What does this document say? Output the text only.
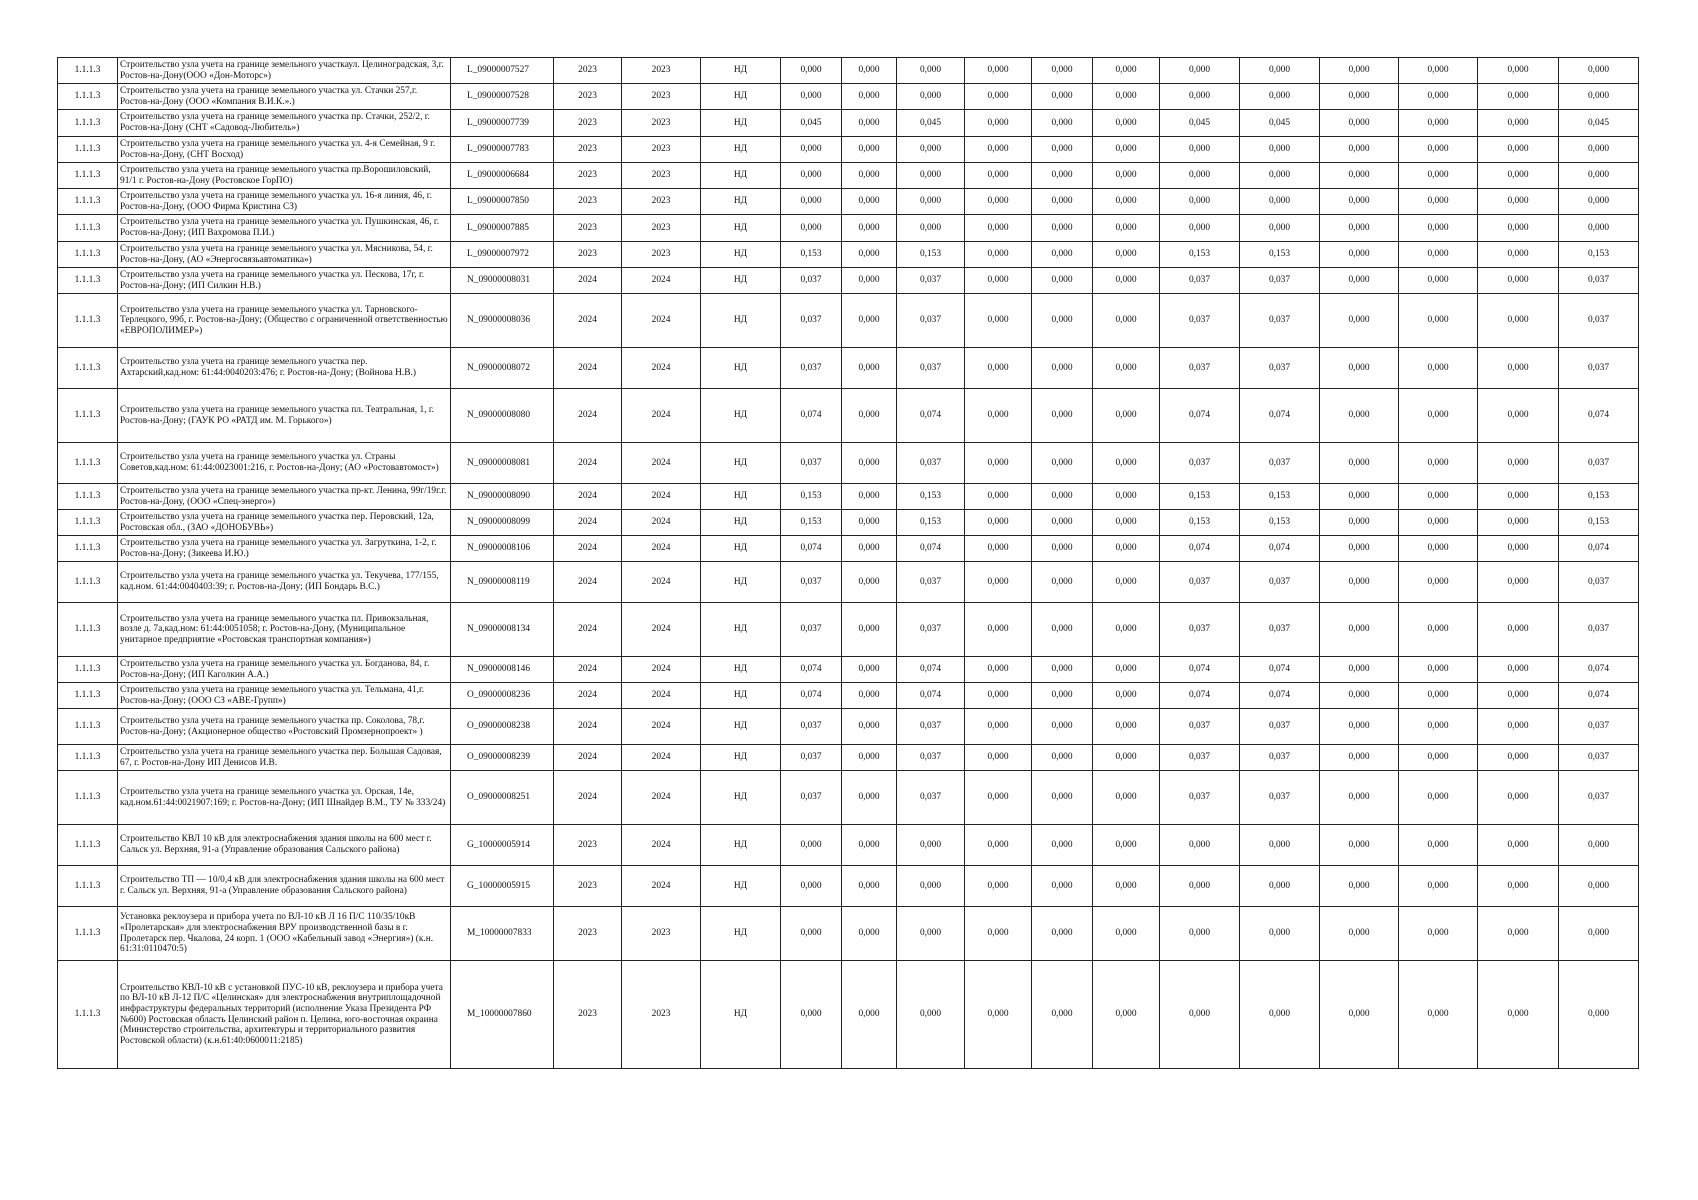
1.1.1.3	Строительство узла учета на границе земельного участкаул. Целиноградская, 3,г. Ростов-на-Дону(ООО «Дон-Моторс»)	L_09000007527	2023	2023	НД	0,000	0,000	0,000	0,000	0,000	0,000	0,000	0,000	0,000	0,000	0,000	0,000
1.1.1.3	Строительство узла учета на границе земельного участка ул. Стачки 257,г. Ростов-на-Дону (ООО «Компания В.И.К.».)	L_09000007528	2023	2023	НД	0,000	0,000	0,000	0,000	0,000	0,000	0,000	0,000	0,000	0,000	0,000	0,000
1.1.1.3	Строительство узла учета на границе земельного участка пр. Стачки, 252/2, г. Ростов-на-Дону (СНТ «Садовод-Любитель»)	L_09000007739	2023	2023	НД	0,045	0,000	0,045	0,000	0,000	0,000	0,045	0,045	0,000	0,000	0,000	0,045
1.1.1.3	Строительство узла учета на границе земельного участка ул. 4-я Семейная, 9 г. Ростов-на-Дону, (СНТ Восход)	L_09000007783	2023	2023	НД	0,000	0,000	0,000	0,000	0,000	0,000	0,000	0,000	0,000	0,000	0,000	0,000
1.1.1.3	Строительство узла учета на границе земельного участка пр.Ворошиловский, 91/1 г. Ростов-на-Дону (Ростовское ГорПО)	L_09000006684	2023	2023	НД	0,000	0,000	0,000	0,000	0,000	0,000	0,000	0,000	0,000	0,000	0,000	0,000
1.1.1.3	Строительство узла учета на границе земельного участка ул. 16-я линия, 46, г. Ростов-на-Дону, (ООО Фирма Кристина СЗ)	L_09000007850	2023	2023	НД	0,000	0,000	0,000	0,000	0,000	0,000	0,000	0,000	0,000	0,000	0,000	0,000
1.1.1.3	Строительство узла учета на границе земельного участка ул. Пушкинская, 46, г. Ростов-на-Дону; (ИП Вахромова П.И.)	L_09000007885	2023	2023	НД	0,000	0,000	0,000	0,000	0,000	0,000	0,000	0,000	0,000	0,000	0,000	0,000
1.1.1.3	Строительство узла учета на границе земельного участка ул. Мясникова, 54, г. Ростов-на-Дону, (АО «Энергосвязьавтоматика»)	L_09000007972	2023	2023	НД	0,153	0,000	0,153	0,000	0,000	0,000	0,153	0,153	0,000	0,000	0,000	0,153
1.1.1.3	Строительство узла учета на границе земельного участка ул. Пескова, 17г, г. Ростов-на-Дону; (ИП Силкин Н.В.)	N_09000008031	2024	2024	НД	0,037	0,000	0,037	0,000	0,000	0,000	0,037	0,037	0,000	0,000	0,000	0,037
1.1.1.3	Строительство узла учета на границе земельного участка ул. Тарновского-Терлецкого, 99б, г. Ростов-на-Дону; (Общество с ограниченной ответственностью «ЕВРОПОЛИМЕР»)	N_09000008036	2024	2024	НД	0,037	0,000	0,037	0,000	0,000	0,000	0,037	0,037	0,000	0,000	0,000	0,037
1.1.1.3	Строительство узла учета на границе земельного участка пер. Ахтарский,кад.ном: 61:44:0040203:476; г. Ростов-на-Дону; (Войнова Н.В.)	N_09000008072	2024	2024	НД	0,037	0,000	0,037	0,000	0,000	0,000	0,037	0,037	0,000	0,000	0,000	0,037
1.1.1.3	Строительство узла учета на границе земельного участка пл. Театральная, 1, г. Ростов-на-Дону; (ГАУК РО «РАТД им. М. Горького»)	N_09000008080	2024	2024	НД	0,074	0,000	0,074	0,000	0,000	0,000	0,074	0,074	0,000	0,000	0,000	0,074
1.1.1.3	Строительство узла учета на границе земельного участка ул. Страны Советов,кад.ном: 61:44:0023001:216, г. Ростов-на-Дону; (АО «Ростовавтомост»)	N_09000008081	2024	2024	НД	0,037	0,000	0,037	0,000	0,000	0,000	0,037	0,037	0,000	0,000	0,000	0,037
1.1.1.3	Строительство узла учета на границе земельного участка пр-кт. Ленина, 99г/19г.г. Ростов-на-Дону, (ООО «Спец-энерго»)	N_09000008090	2024	2024	НД	0,153	0,000	0,153	0,000	0,000	0,000	0,153	0,153	0,000	0,000	0,000	0,153
1.1.1.3	Строительство узла учета на границе земельного участка пер. Перовский, 12а, Ростовская обл., (ЗАО «ДОНОБУВЬ»)	N_09000008099	2024	2024	НД	0,153	0,000	0,153	0,000	0,000	0,000	0,153	0,153	0,000	0,000	0,000	0,153
1.1.1.3	Строительство узла учета на границе земельного участка ул. Загруткина, 1-2, г. Ростов-на-Дону; (Зикеева И.Ю.)	N_09000008106	2024	2024	НД	0,074	0,000	0,074	0,000	0,000	0,000	0,074	0,074	0,000	0,000	0,000	0,074
1.1.1.3	Строительство узла учета на границе земельного участка ул. Текучева, 177/155, кад.ном. 61:44:0040403:39; г. Ростов-на-Дону; (ИП Бондарь В.С.)	N_09000008119	2024	2024	НД	0,037	0,000	0,037	0,000	0,000	0,000	0,037	0,037	0,000	0,000	0,000	0,037
1.1.1.3	Строительство узла учета на границе земельного участка пл. Привокзальная, возле д. 7а,кад.ном: 61:44:0051058; г. Ростов-на-Дону, (Муниципальное унитарное предприятие «Ростовская транспортная компания»)	N_09000008134	2024	2024	НД	0,037	0,000	0,037	0,000	0,000	0,000	0,037	0,037	0,000	0,000	0,000	0,037
1.1.1.3	Строительство узла учета на границе земельного участка ул. Богданова, 84, г. Ростов-на-Дону; (ИП Каголкин А.А.)	N_09000008146	2024	2024	НД	0,074	0,000	0,074	0,000	0,000	0,000	0,074	0,074	0,000	0,000	0,000	0,074
1.1.1.3	Строительство узла учета на границе земельного участка ул. Тельмана, 41,г. Ростов-на-Дону; (ООО СЗ «АВЕ-Групп»)	O_09000008236	2024	2024	НД	0,074	0,000	0,074	0,000	0,000	0,000	0,074	0,074	0,000	0,000	0,000	0,074
1.1.1.3	Строительство узла учета на границе земельного участка пр. Соколова, 78,г. Ростов-на-Дону; (Акционерное общество «Ростовский Промзернопроект» )	O_09000008238	2024	2024	НД	0,037	0,000	0,037	0,000	0,000	0,000	0,037	0,037	0,000	0,000	0,000	0,037
1.1.1.3	Строительство узла учета на границе земельного участка пер. Большая Садовая, 67, г. Ростов-на-Дону ИП Денисов И.В.	O_09000008239	2024	2024	НД	0,037	0,000	0,037	0,000	0,000	0,000	0,037	0,037	0,000	0,000	0,000	0,037
1.1.1.3	Строительство узла учета на границе земельного участка ул. Орская, 14е, кад.ном.61:44:0021907:169; г. Ростов-на-Дону; (ИП Шнайдер В.М., ТУ № 333/24)	O_09000008251	2024	2024	НД	0,037	0,000	0,037	0,000	0,000	0,000	0,037	0,037	0,000	0,000	0,000	0,037
1.1.1.3	Строительство КВЛ 10 кВ для электроснабжения здания школы на 600 мест г. Сальск ул. Верхняя, 91-а (Управление образования Сальского района)	G_10000005914	2023	2024	НД	0,000	0,000	0,000	0,000	0,000	0,000	0,000	0,000	0,000	0,000	0,000	0,000
1.1.1.3	Строительство ТП — 10/0,4 кВ для электроснабжения здания школы на 600 мест г. Сальск ул. Верхняя, 91-а (Управление образования Сальского района)	G_10000005915	2023	2024	НД	0,000	0,000	0,000	0,000	0,000	0,000	0,000	0,000	0,000	0,000	0,000	0,000
1.1.1.3	Установка реклоузера и прибора учета по ВЛ-10 кВ Л 16 П/С 110/35/10кВ «Пролетарская» для электроснабжения ВРУ производственной базы в г. Пролетарск пер. Чкалова, 24 корп. 1 (ООО «Кабельный завод «Энергия») (к.н. 61:31:0110470:5)	M_10000007833	2023	2023	НД	0,000	0,000	0,000	0,000	0,000	0,000	0,000	0,000	0,000	0,000	0,000	0,000
1.1.1.3	Строительство КВЛ-10 кВ с установкой ПУС-10 кВ, реклоузера и прибора учета по ВЛ-10 кВ Л-12 П/С «Целинская» для электроснабжения внутриплощадочной инфраструктуры федеральных территорий (исполнение Указа Президента РФ №600) Ростовская область Целинский район п. Целина, юго-восточная окраина (Министерство строительства, архитектуры и территориального развития Ростовской области) (к.н.61:40:0600011:2185)	M_10000007860	2023	2023	НД	0,000	0,000	0,000	0,000	0,000	0,000	0,000	0,000	0,000	0,000	0,000	0,000
